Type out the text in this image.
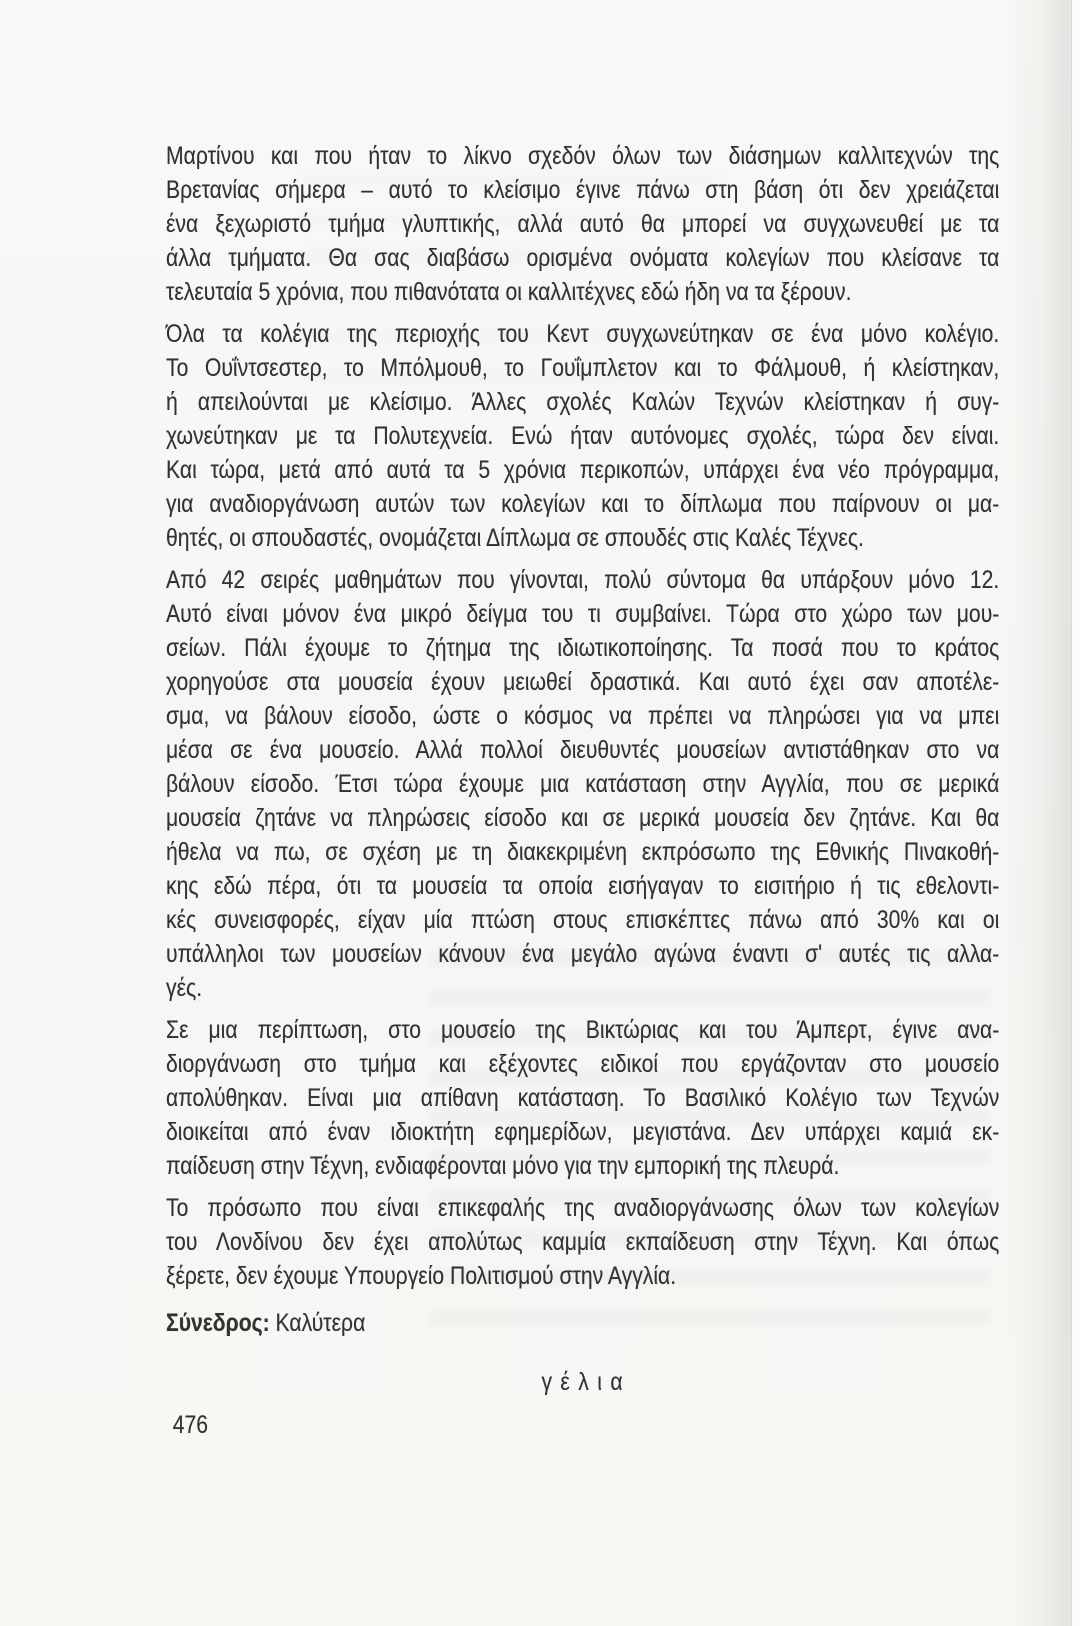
Μαρτίνου και που ήταν το λίκνο σχεδόν όλων των διάσημων καλλιτεχνών της
Βρετανίας σήμερα – αυτό το κλείσιμο έγινε πάνω στη βάση ότι δεν χρειάζεται
ένα ξεχωριστό τμήμα γλυπτικής, αλλά αυτό θα μπορεί να συγχωνευθεί με τα
άλλα τμήματα. Θα σας διαβάσω ορισμένα ονόματα κολεγίων που κλείσανε τα
τελευταία 5 χρόνια, που πιθανότατα οι καλλιτέχνες εδώ ήδη να τα ξέρουν.
Όλα τα κολέγια της περιοχής του Κεντ συγχωνεύτηκαν σε ένα μόνο κολέγιο.
Το Ουΐντσεστερ, το Μπόλμουθ, το Γουΐμπλετον και το Φάλμουθ, ή κλείστηκαν,
ή απειλούνται με κλείσιμο. Άλλες σχολές Καλών Τεχνών κλείστηκαν ή συγ-
χωνεύτηκαν με τα Πολυτεχνεία. Ενώ ήταν αυτόνομες σχολές, τώρα δεν είναι.
Και τώρα, μετά από αυτά τα 5 χρόνια περικοπών, υπάρχει ένα νέο πρόγραμμα,
για αναδιοργάνωση αυτών των κολεγίων και το δίπλωμα που παίρνουν οι μα-
θητές, οι σπουδαστές, ονομάζεται Δίπλωμα σε σπουδές στις Καλές Τέχνες.
Από 42 σειρές μαθημάτων που γίνονται, πολύ σύντομα θα υπάρξουν μόνο 12.
Αυτό είναι μόνον ένα μικρό δείγμα του τι συμβαίνει. Τώρα στο χώρο των μου-
σείων. Πάλι έχουμε το ζήτημα της ιδιωτικοποίησης. Τα ποσά που το κράτος
χορηγούσε στα μουσεία έχουν μειωθεί δραστικά. Και αυτό έχει σαν αποτέλε-
σμα, να βάλουν είσοδο, ώστε ο κόσμος να πρέπει να πληρώσει για να μπει
μέσα σε ένα μουσείο. Αλλά πολλοί διευθυντές μουσείων αντιστάθηκαν στο να
βάλουν είσοδο. Έτσι τώρα έχουμε μια κατάσταση στην Αγγλία, που σε μερικά
μουσεία ζητάνε να πληρώσεις είσοδο και σε μερικά μουσεία δεν ζητάνε. Και θα
ήθελα να πω, σε σχέση με τη διακεκριμένη εκπρόσωπο της Εθνικής Πινακοθή-
κης εδώ πέρα, ότι τα μουσεία τα οποία εισήγαγαν το εισιτήριο ή τις εθελοντι-
κές συνεισφορές, είχαν μία πτώση στους επισκέπτες πάνω από 30% και οι
υπάλληλοι των μουσείων κάνουν ένα μεγάλο αγώνα έναντι σ' αυτές τις αλλα-
γές.
Σε μια περίπτωση, στο μουσείο της Βικτώριας και του Άμπερτ, έγινε ανα-
διοργάνωση στο τμήμα και εξέχοντες ειδικοί που εργάζονταν στο μουσείο
απολύθηκαν. Είναι μια απίθανη κατάσταση. Το Βασιλικό Κολέγιο των Τεχνών
διοικείται από έναν ιδιοκτήτη εφημερίδων, μεγιστάνα. Δεν υπάρχει καμιά εκ-
παίδευση στην Τέχνη, ενδιαφέρονται μόνο για την εμπορική της πλευρά.
Το πρόσωπο που είναι επικεφαλής της αναδιοργάνωσης όλων των κολεγίων
του Λονδίνου δεν έχει απολύτως καμμία εκπαίδευση στην Τέχνη. Και όπως
ξέρετε, δεν έχουμε Υπουργείο Πολιτισμού στην Αγγλία.
Σύνεδρος: Καλύτερα
γ έ λ ι α
476
